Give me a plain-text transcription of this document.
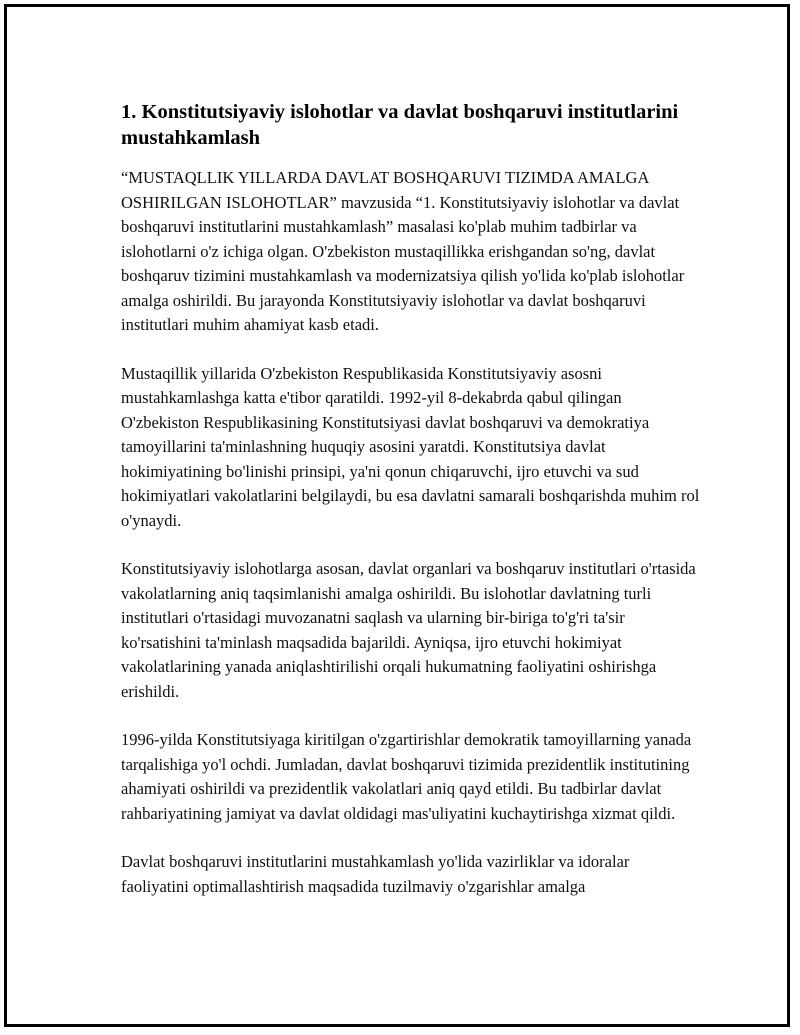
1. Konstitutsiyaviy islohotlar va davlat boshqaruvi institutlarini mustahkamlash

“MUSTAQLLIK YILLARDA DAVLAT BOSHQARUVI TIZIMDA AMALGA OSHIRILGAN ISLOHOTLAR” mavzusida “1. Konstitutsiyaviy islohotlar va davlat boshqaruvi institutlarini mustahkamlash” masalasi ko'plab muhim tadbirlar va islohotlarni o'z ichiga olgan. O'zbekiston mustaqillikka erishgandan so'ng, davlat boshqaruv tizimini mustahkamlash va modernizatsiya qilish yo'lida ko'plab islohotlar amalga oshirildi. Bu jarayonda Konstitutsiyaviy islohotlar va davlat boshqaruvi institutlari muhim ahamiyat kasb etadi.

Mustaqillik yillarida O'zbekiston Respublikasida Konstitutsiyaviy asosni mustahkamlashga katta e'tibor qaratildi. 1992-yil 8-dekabrda qabul qilingan O'zbekiston Respublikasining Konstitutsiyasi davlat boshqaruvi va demokratiya tamoyillarini ta'minlashning huquqiy asosini yaratdi. Konstitutsiya davlat hokimiyatining bo'linishi prinsipi, ya'ni qonun chiqaruvchi, ijro etuvchi va sud hokimiyatlari vakolatlarini belgilaydi, bu esa davlatni samarali boshqarishda muhim rol o'ynaydi.

Konstitutsiyaviy islohotlarga asosan, davlat organlari va boshqaruv institutlari o'rtasida vakolatlarning aniq taqsimlanishi amalga oshirildi. Bu islohotlar davlatning turli institutlari o'rtasidagi muvozanatni saqlash va ularning bir-biriga to'g'ri ta'sir ko'rsatishini ta'minlash maqsadida bajarildi. Ayniqsa, ijro etuvchi hokimiyat vakolatlarining yanada aniqlashtirilishi orqali hukumatning faoliyatini oshirishga erishildi.

1996-yilda Konstitutsiyaga kiritilgan o'zgartirishlar demokratik tamoyillarning yanada tarqalishiga yo'l ochdi. Jumladan, davlat boshqaruvi tizimida prezidentlik institutining ahamiyati oshirildi va prezidentlik vakolatlari aniq qayd etildi. Bu tadbirlar davlat rahbariyatining jamiyat va davlat oldidagi mas'uliyatini kuchaytirishga xizmat qildi.

Davlat boshqaruvi institutlarini mustahkamlash yo'lida vazirliklar va idoralar faoliyatini optimallashtirish maqsadida tuzilmaviy o'zgarishlar amalga
